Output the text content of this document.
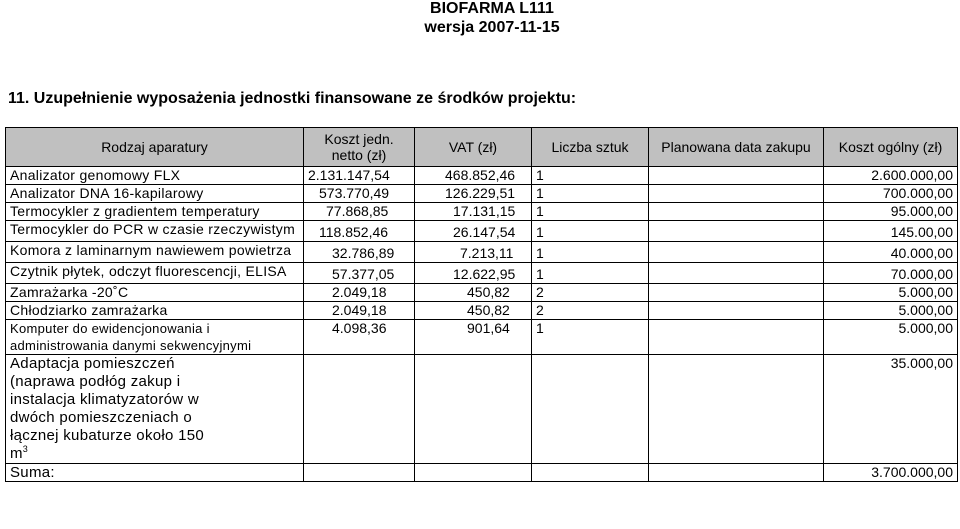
BIOFARMA L111
wersja 2007-11-15
11. Uzupełnienie wyposażenia jednostki finansowane ze środków projektu:
Rodzaj aparatury	Koszt jedn. netto (zł)	VAT (zł)	Liczba sztuk	Planowana data zakupu	Koszt ogólny (zł)
Analizator genomowy FLX	2.131.147,54	468.852,46	1		2.600.000,00
Analizator DNA 16-kapilarowy	573.770,49	126.229,51	1		700.000,00
Termocykler z gradientem temperatury	77.868,85	17.131,15	1		95.000,00
Termocykler do PCR w czasie rzeczywistym	118.852,46	26.147,54	1		145.00,00
Komora z laminarnym nawiewem powietrza	32.786,89	7.213,11	1		40.000,00
Czytnik płytek, odczyt fluorescencji, ELISA	57.377,05	12.622,95	1		70.000,00
Zamrażarka -20˚C	2.049,18	450,82	2		5.000,00
Chłodziarko zamrażarka	2.049,18	450,82	2		5.000,00
Komputer do ewidencjonowania i administrowania danymi sekwencyjnymi	4.098,36	901,64	1		5.000,00
Adaptacja pomieszczeń (naprawa podłóg zakup i instalacja klimatyzatorów w dwóch pomieszczeniach o łącznej kubaturze około 150 $m^3$					35.000,00
Suma:					3.700.000,00
